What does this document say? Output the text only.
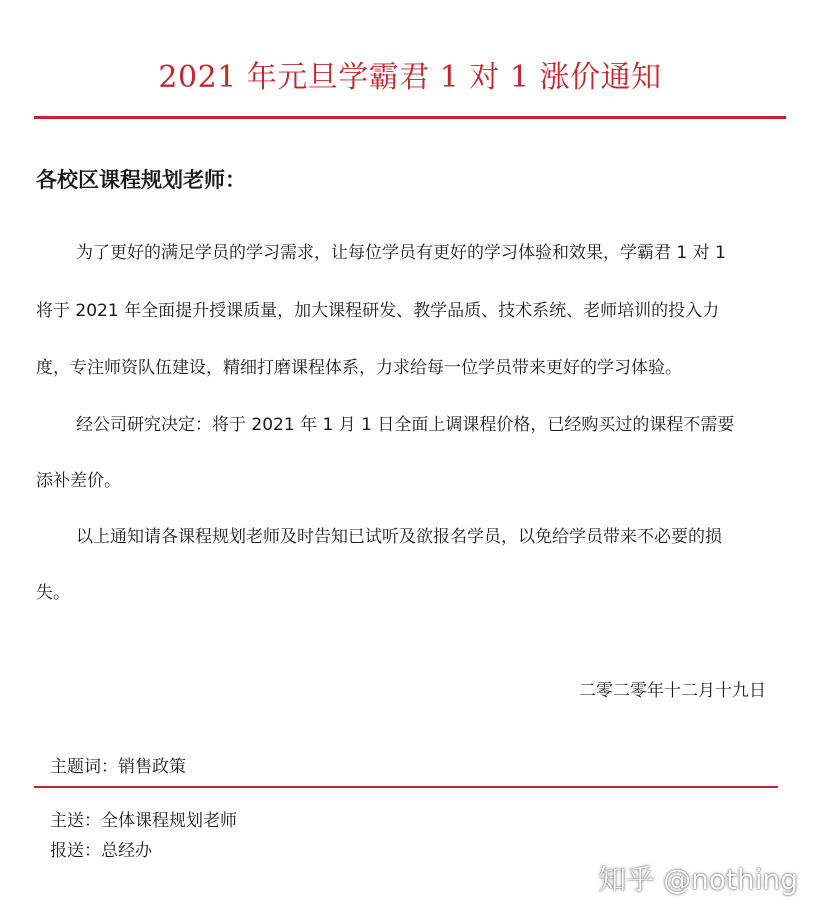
2021 年元旦学霸君 1 对 1 涨价通知
各校区课程规划老师：
为了更好的满足学员的学习需求，让每位学员有更好的学习体验和效果，学霸君 1 对 1
将于 2021 年全面提升授课质量，加大课程研发、教学品质、技术系统、老师培训的投入力
度，专注师资队伍建设，精细打磨课程体系，力求给每一位学员带来更好的学习体验。
经公司研究决定：将于 2021 年 1 月 1 日全面上调课程价格，已经购买过的课程不需要
添补差价。
以上通知请各课程规划老师及时告知已试听及欲报名学员，以免给学员带来不必要的损
失。
二零二零年十二月十九日
主题词：销售政策
主送：全体课程规划老师
报送：总经办
知乎 @nothing
